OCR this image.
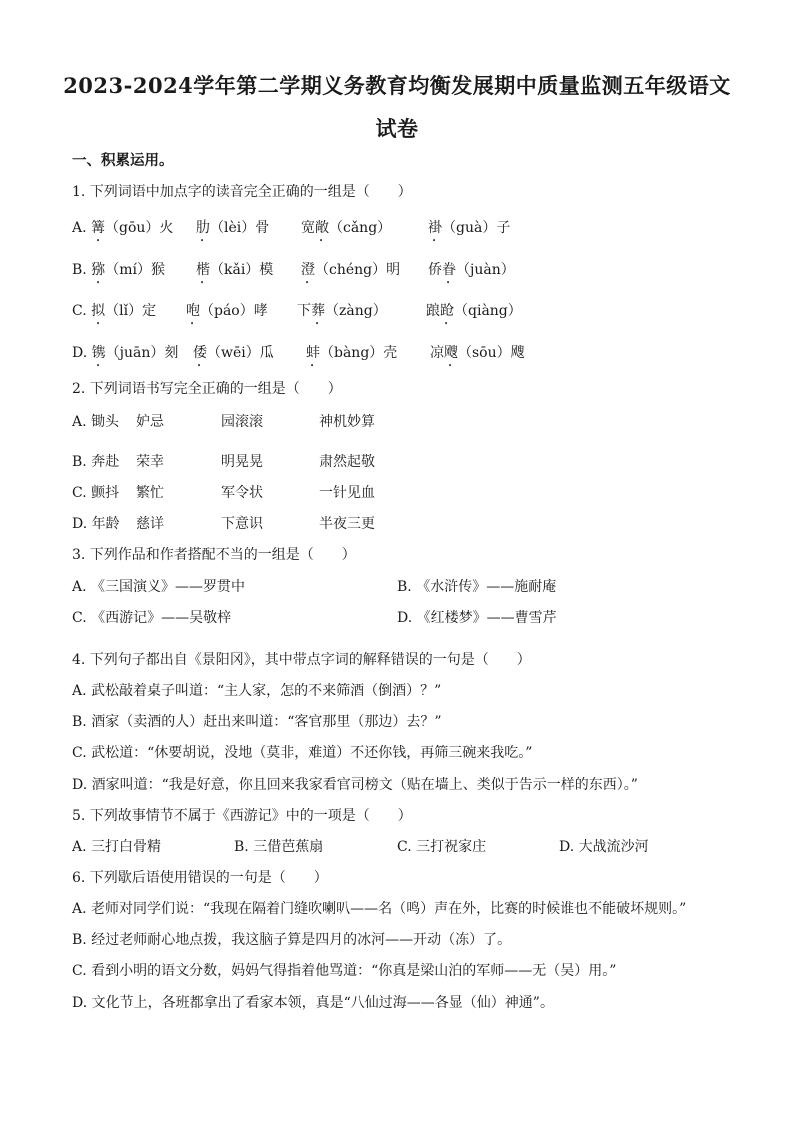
2023-2024学年第二学期义务教育均衡发展期中质量监测五年级语文
试卷
一、积累运用。
1. 下列词语中加点字的读音完全正确的一组是（　　）
A. 篝（gōu）火 肋（lèi）骨 宽敞（cǎng）	褂（guà）子
B. 猕（mí）猴 楷（kǎi）模 澄（chéng）明 侨眷（juàn）
C. 拟（lǐ）定 咆（páo）哮 下葬（zàng）	踉跄（qiàng）
D. 镌（juān）刻 倭（wēi）瓜 蚌（bàng）壳 凉飕（sōu）飕
•	•	•	•
•	•	•	•
•	•	•	•
•	•	•	•
2. 下列词语书写完全正确的一组是（　　）
A. 锄头 妒忌	园滚滚	神机妙算
B. 奔赴 荣幸	明晃晃	肃然起敬
C. 颤抖 繁忙	军令状	一针见血
D. 年龄 慈详	下意识	半夜三更
3. 下列作品和作者搭配不当的一组是（　　）
A. 《三国演义》——罗贯中	B. 《水浒传》——施耐庵
C. 《西游记》——吴敬梓	D. 《红楼梦》——曹雪芹
4. 下列句子都出自《景阳冈》，其中带点字词的解释错误的一句是（　　）
A. 武松敲着桌子叫道：“主人家，怎的不来筛酒（倒酒）？”
B. 酒家（卖酒的人）赶出来叫道：“客官那里（那边）去？”
C. 武松道：“休要胡说，没地（莫非，难道）不还你钱，再筛三碗来我吃。”
D. 酒家叫道：“我是好意，你且回来我家看官司榜文（贴在墙上、类似于告示一样的东西）。”
5. 下列故事情节不属于《西游记》中的一项是（　　）
A. 三打白骨精	B. 三借芭蕉扇	C. 三打祝家庄	D. 大战流沙河
6. 下列歇后语使用错误的一句是（　　）
A. 老师对同学们说：“我现在隔着门缝吹喇叭——名（鸣）声在外，比赛的时候谁也不能破坏规则。”
B. 经过老师耐心地点拨，我这脑子算是四月的冰河——开动（冻）了。
C. 看到小明的语文分数，妈妈气得指着他骂道：“你真是梁山泊的军师——无（吴）用。”
D. 文化节上，各班都拿出了看家本领，真是“八仙过海——各显（仙）神通”。
